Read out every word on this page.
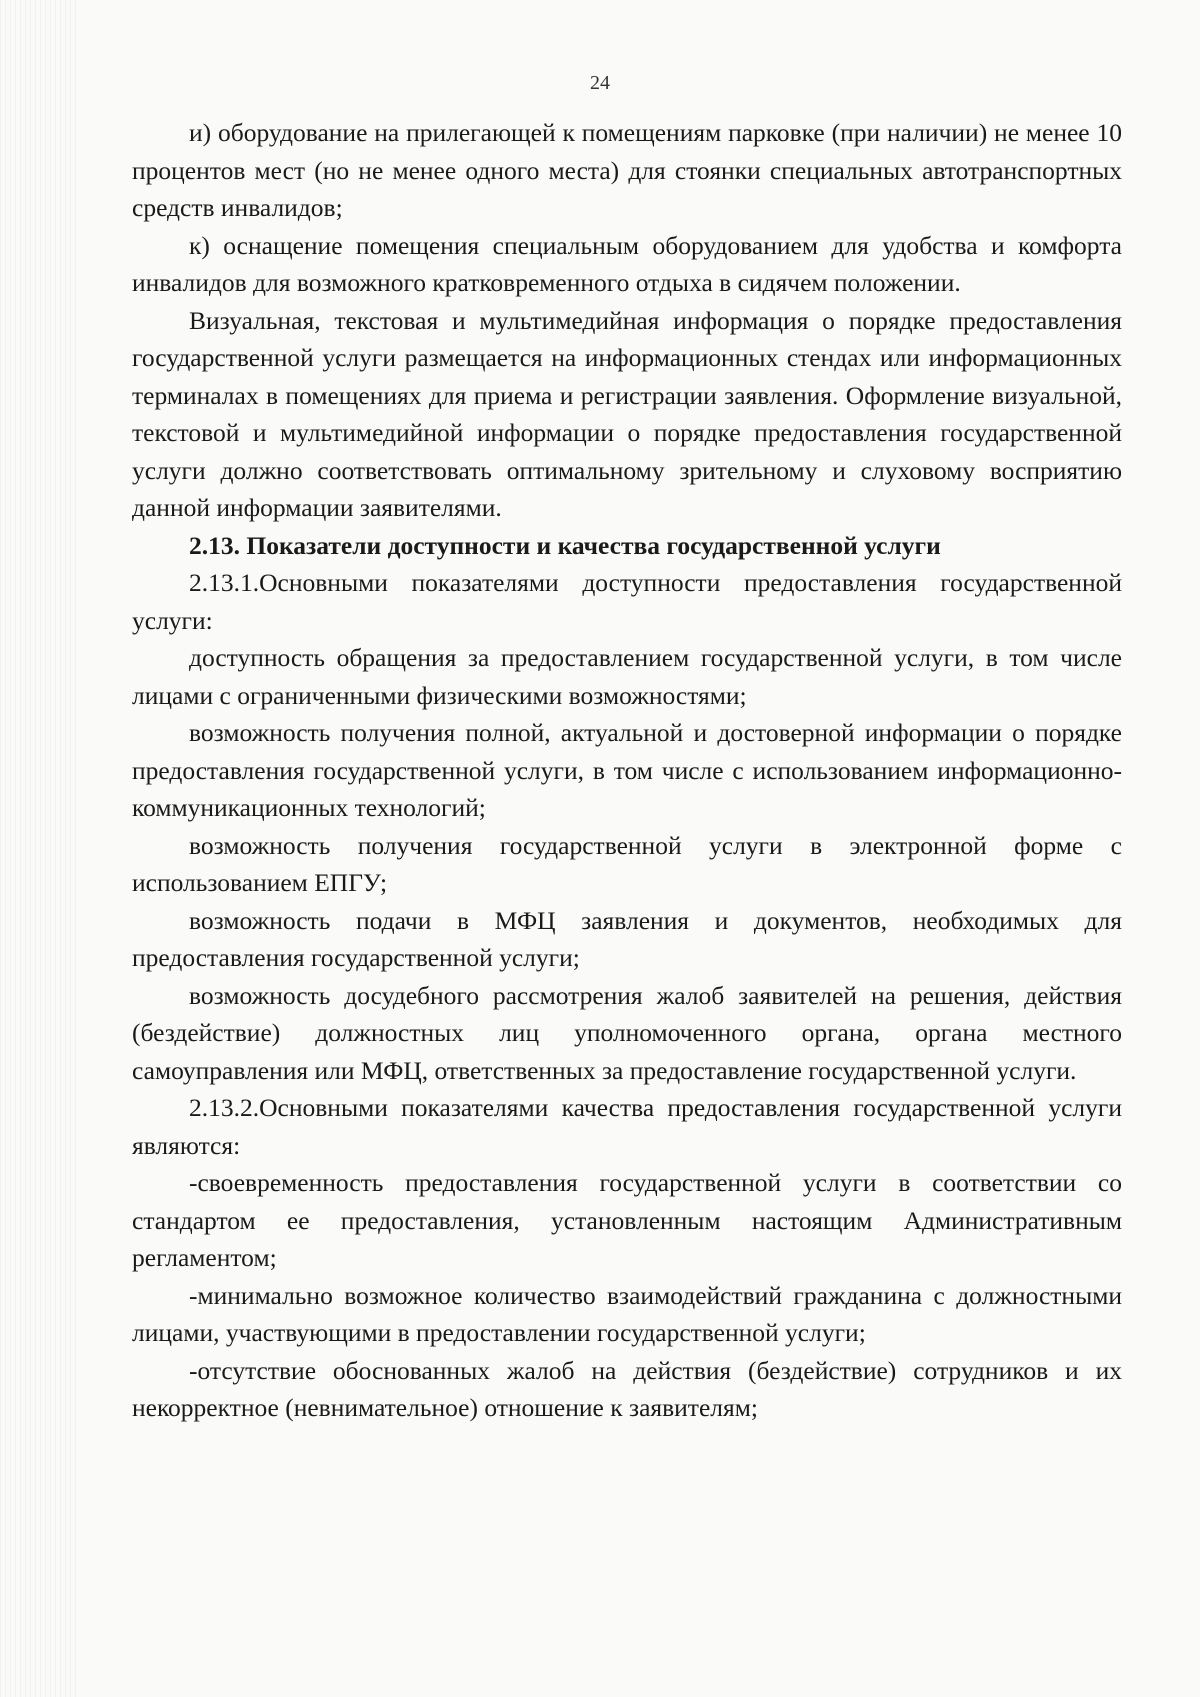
24

и) оборудование на прилегающей к помещениям парковке (при наличии) не менее 10 процентов мест (но не менее одного места) для стоянки специальных автотранспортных средств инвалидов;

к) оснащение помещения специальным оборудованием для удобства и комфорта инвалидов для возможного кратковременного отдыха в сидячем положении.

Визуальная, текстовая и мультимедийная информация о порядке предоставления государственной услуги размещается на информационных стендах или информационных терминалах в помещениях для приема и регистрации заявления. Оформление визуальной, текстовой и мультимедийной информации о порядке предоставления государственной услуги должно соответствовать оптимальному зрительному и слуховому восприятию данной информации заявителями.

2.13. Показатели доступности и качества государственной услуги

2.13.1.Основными показателями доступности предоставления государственной услуги:

доступность обращения за предоставлением государственной услуги, в том числе лицами с ограниченными физическими возможностями;

возможность получения полной, актуальной и достоверной информации о порядке предоставления государственной услуги, в том числе с использованием информационно-коммуникационных технологий;

возможность получения государственной услуги в электронной форме с использованием ЕПГУ;

возможность подачи в МФЦ заявления и документов, необходимых для предоставления государственной услуги;

возможность досудебного рассмотрения жалоб заявителей на решения, действия (бездействие) должностных лиц уполномоченного органа, органа местного самоуправления или МФЦ, ответственных за предоставление государственной услуги.

2.13.2.Основными показателями качества предоставления государственной услуги являются:

-своевременность предоставления государственной услуги в соответствии со стандартом ее предоставления, установленным настоящим Административным регламентом;

-минимально возможное количество взаимодействий гражданина с должностными лицами, участвующими в предоставлении государственной услуги;

-отсутствие обоснованных жалоб на действия (бездействие) сотрудников и их некорректное (невнимательное) отношение к заявителям;
